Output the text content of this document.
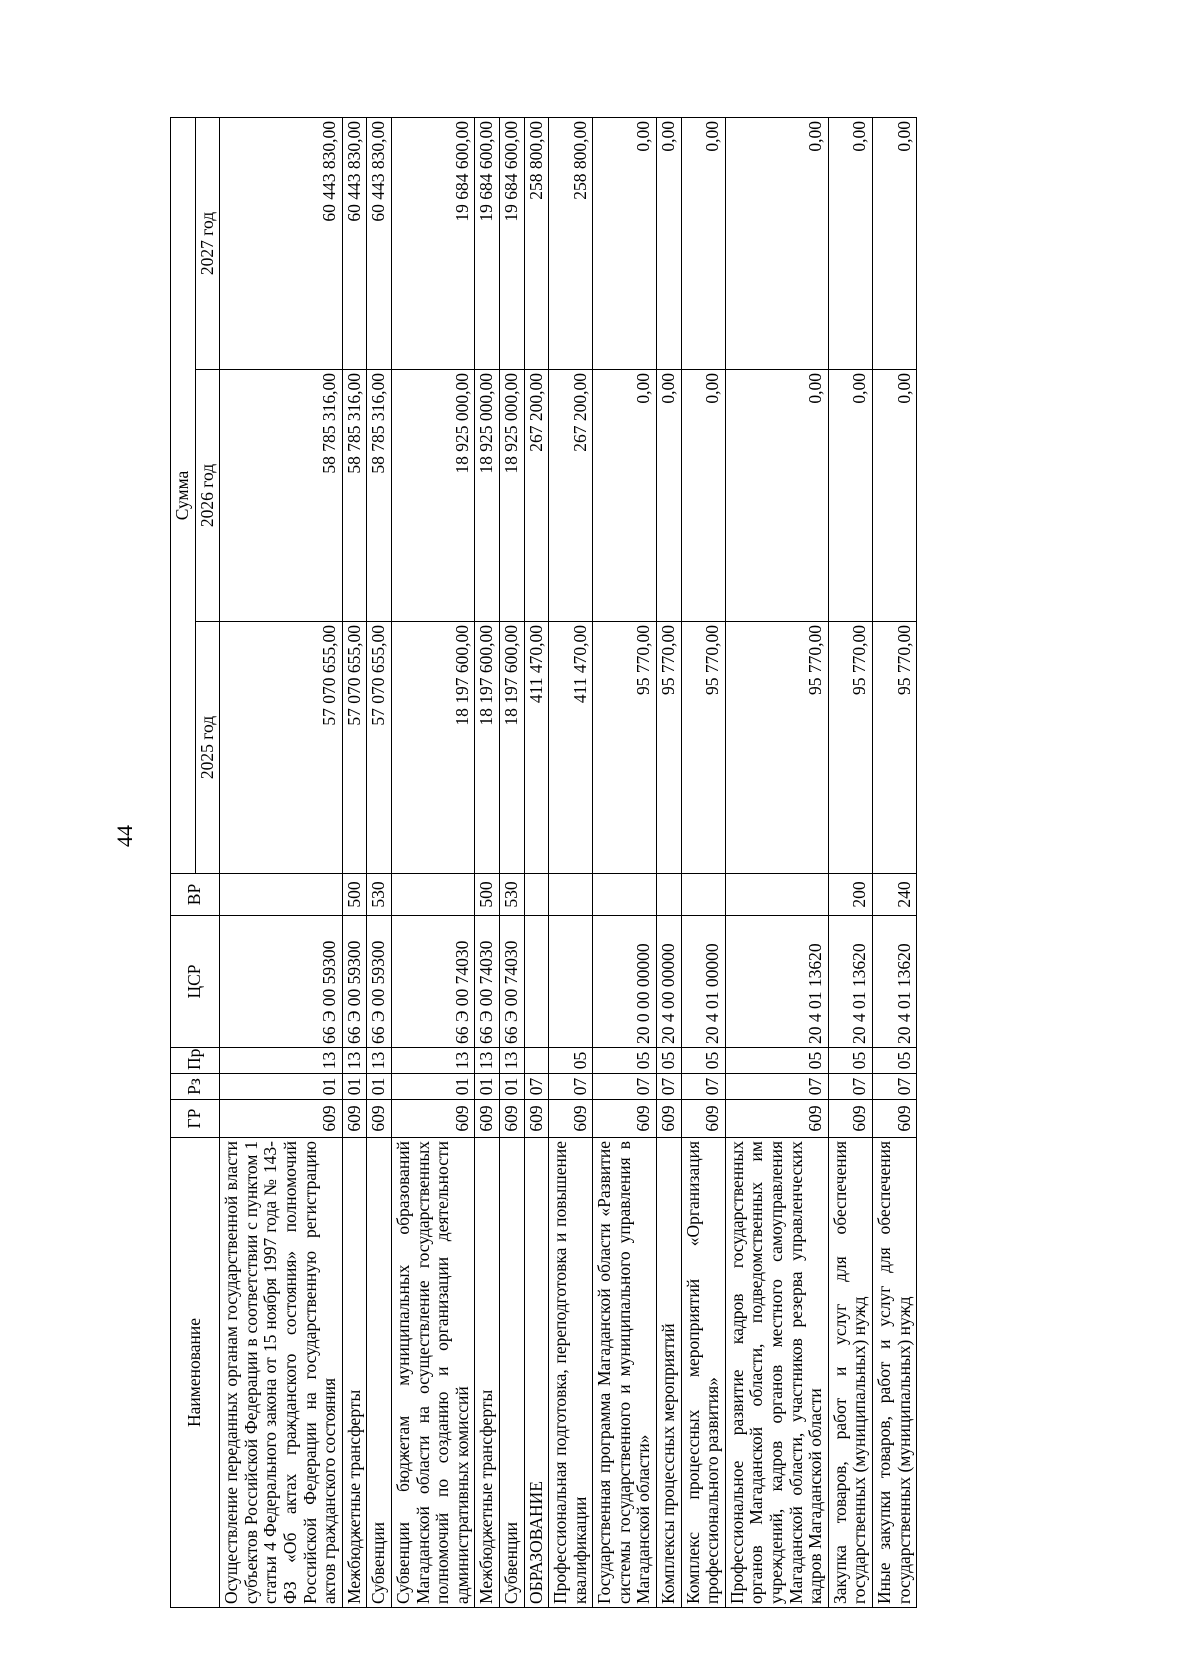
44
Наименование	ГР	Рз	Пр	ЦСР	ВР	Сумма		
						2025 год	2026 год	2027 год
Осуществление переданных органам государственной власти субъектов Российской Федерации в соответствии с пунктом 1 статьи 4 Федерального закона от 15 ноября 1997 года № 143-ФЗ «Об актах гражданского состояния» полномочий Российской Федерации на государственную регистрацию актов гражданского состояния	609	01	13	66 Э 00 59300		57 070 655,00	58 785 316,00	60 443 830,00
Межбюджетные трансферты	609	01	13	66 Э 00 59300	500	57 070 655,00	58 785 316,00	60 443 830,00
Субвенции	609	01	13	66 Э 00 59300	530	57 070 655,00	58 785 316,00	60 443 830,00
Субвенции бюджетам муниципальных образований Магаданской области на осуществление государственных полномочий по созданию и организации деятельности административных комиссий	609	01	13	66 Э 00 74030		18 197 600,00	18 925 000,00	19 684 600,00
Межбюджетные трансферты	609	01	13	66 Э 00 74030	500	18 197 600,00	18 925 000,00	19 684 600,00
Субвенции	609	01	13	66 Э 00 74030	530	18 197 600,00	18 925 000,00	19 684 600,00
ОБРАЗОВАНИЕ	609	07				411 470,00	267 200,00	258 800,00
Профессиональная подготовка, переподготовка и повышение квалификации	609	07	05			411 470,00	267 200,00	258 800,00
Государственная программа Магаданской области «Развитие системы государственного и муниципального управления в Магаданской области»	609	07	05	20 0 00 00000		95 770,00	0,00	0,00
Комплексы процессных мероприятий	609	07	05	20 4 00 00000		95 770,00	0,00	0,00
Комплекс процессных мероприятий «Организация профессионального развития»	609	07	05	20 4 01 00000		95 770,00	0,00	0,00
Профессиональное развитие кадров государственных органов Магаданской области, подведомственных им учреждений, кадров органов местного самоуправления Магаданской области, участников резерва управленческих кадров Магаданской области	609	07	05	20 4 01 13620		95 770,00	0,00	0,00
Закупка товаров, работ и услуг для обеспечения государственных (муниципальных) нужд	609	07	05	20 4 01 13620	200	95 770,00	0,00	0,00
Иные закупки товаров, работ и услуг для обеспечения государственных (муниципальных) нужд	609	07	05	20 4 01 13620	240	95 770,00	0,00	0,00
